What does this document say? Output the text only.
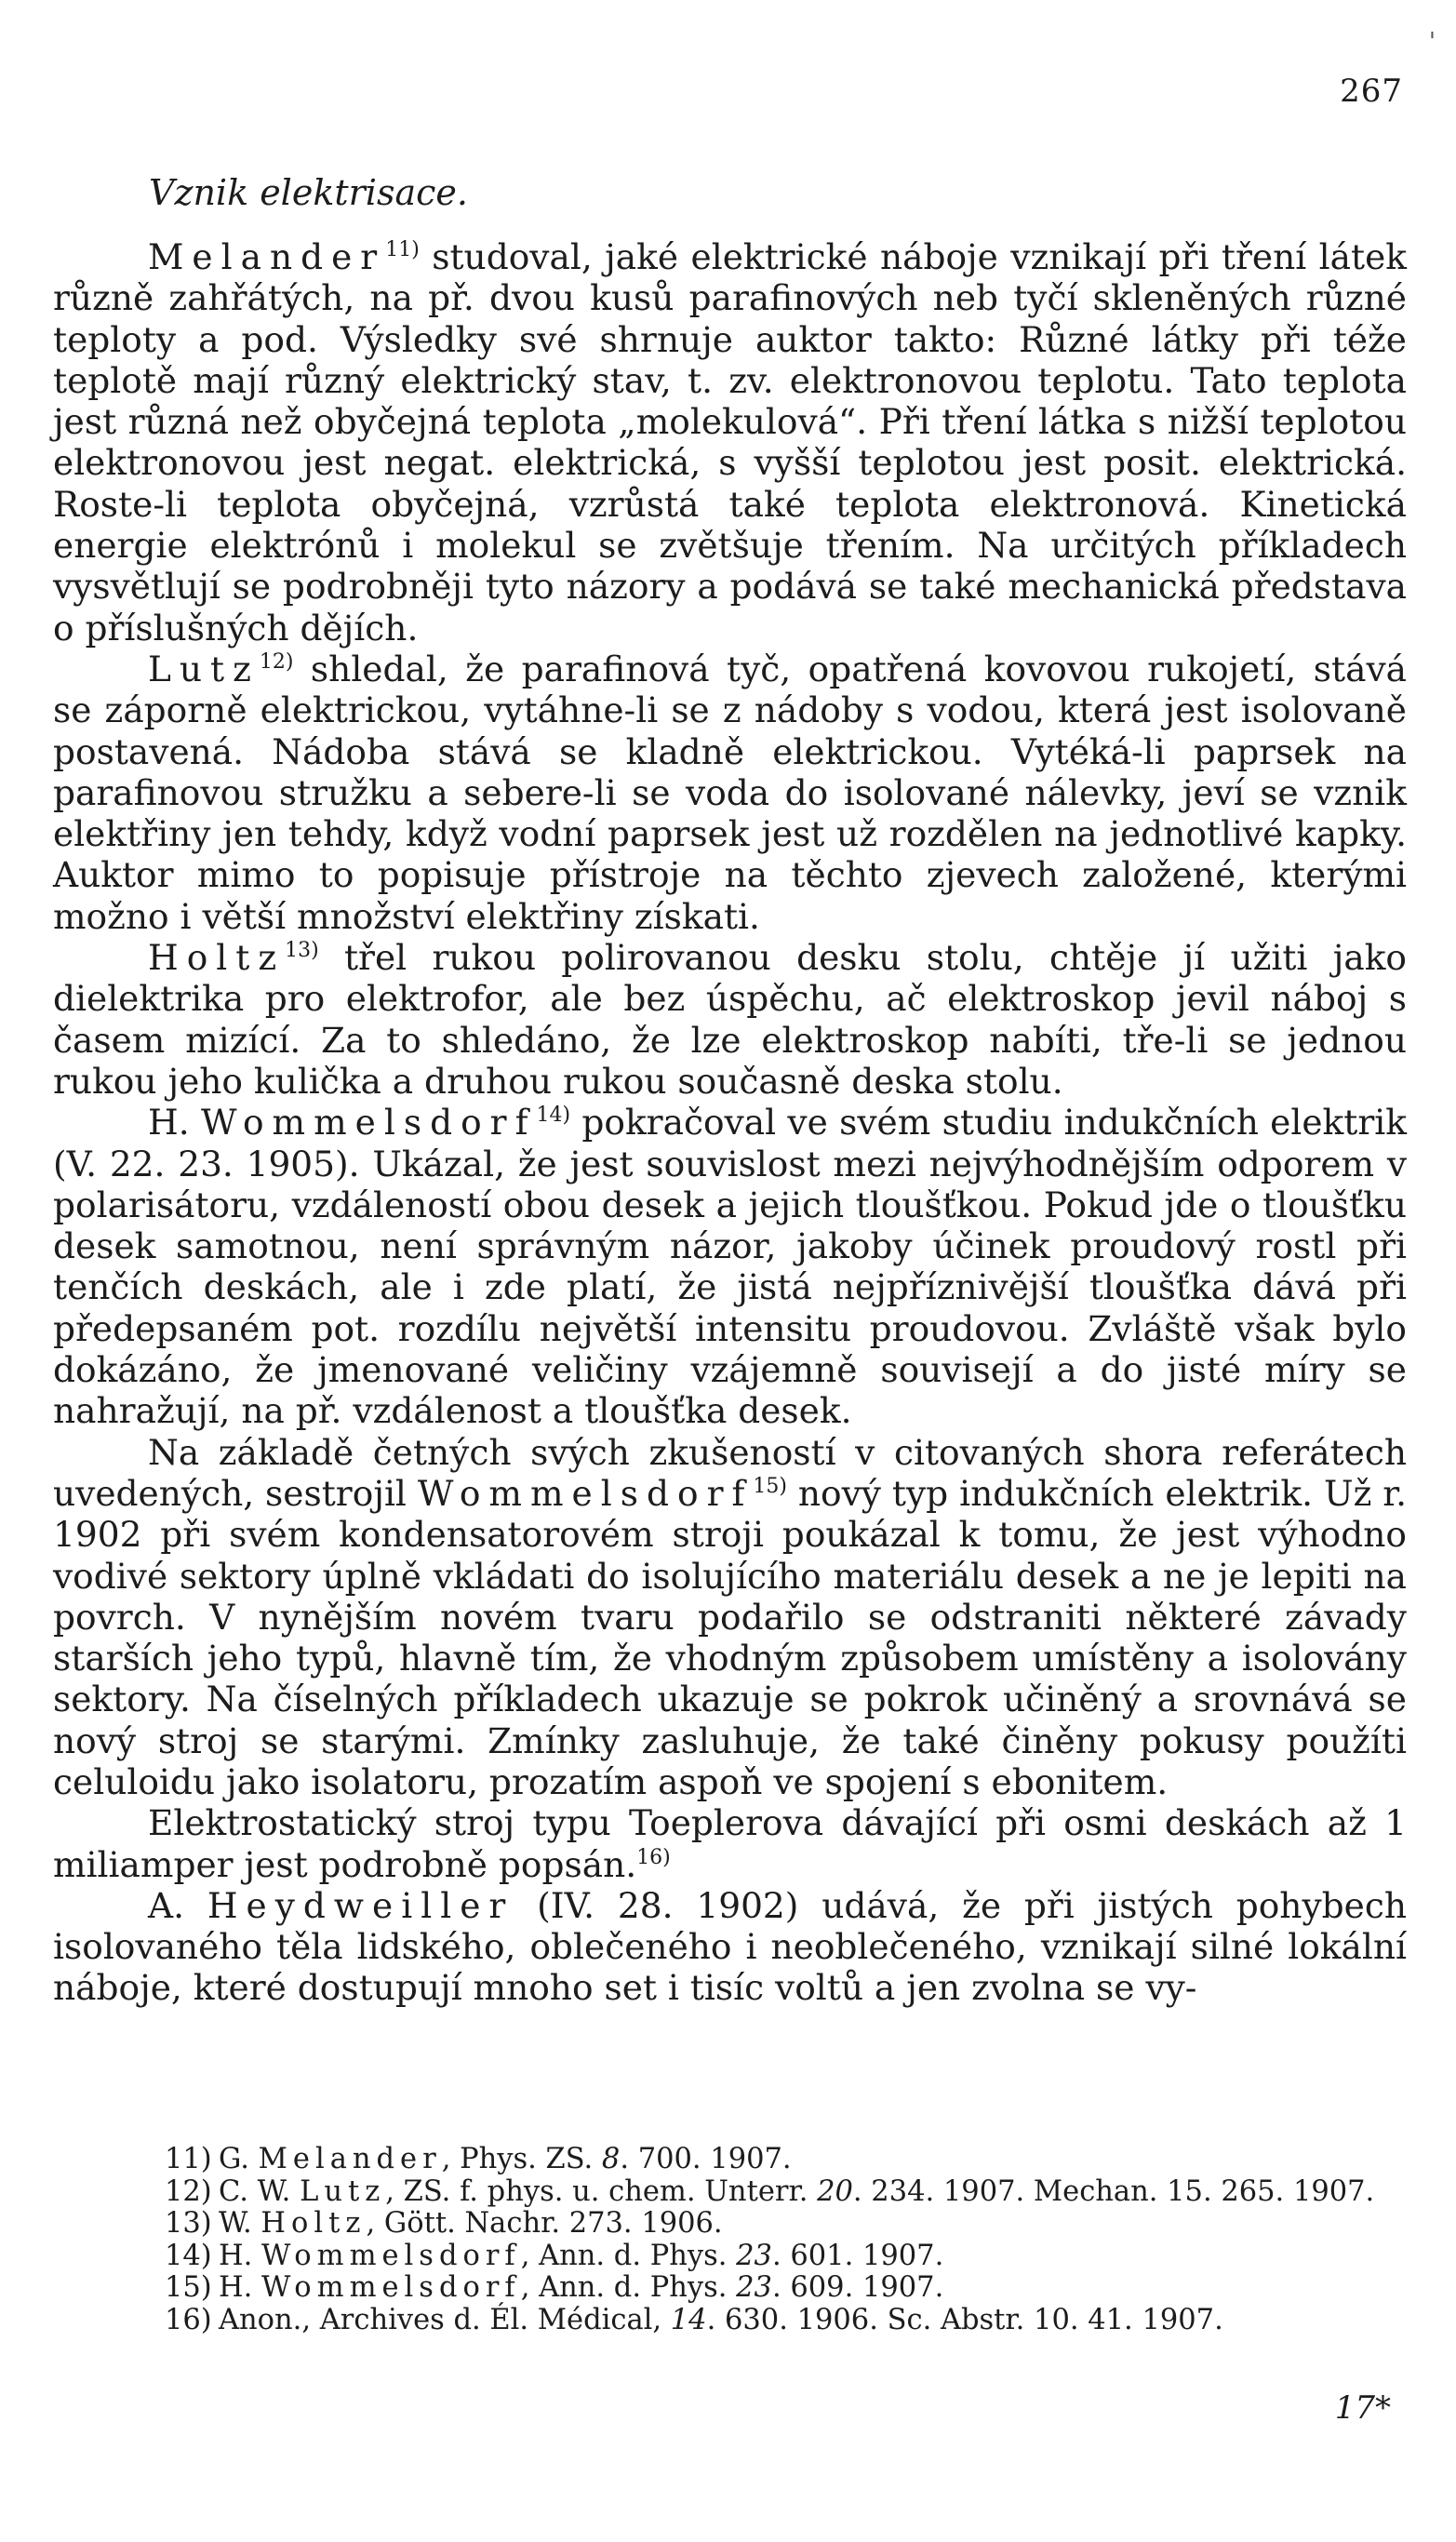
'
267
Vznik elektrisace.

Melander$^{11)}$ studoval, jaké elektrické náboje vznikají při tření látek různě zahřátých, na př. dvou kusů parafinových neb tyčí skleněných různé teploty a pod. Výsledky své shrnuje auktor takto: Různé látky při téže teplotě mají různý elektrický stav, t. zv. elektronovou teplotu. Tato teplota jest různá než obyčejná teplota „molekulová“. Při tření látka s nižší teplotou elektronovou jest negat. elektrická, s vyšší teplotou jest posit. elektrická. Roste-li teplota obyčejná, vzrůstá také teplota elektronová. Kinetická energie elektrónů i molekul se zvětšuje třením. Na určitých příkladech vysvětlují se podrobněji tyto názory a podává se také mechanická představa o příslušných dějích.

Lutz$^{12)}$ shledal, že parafinová tyč, opatřená kovovou rukojetí, stává se záporně elektrickou, vytáhne-li se z nádoby s vodou, která jest isolovaně postavená. Nádoba stává se kladně elektrickou. Vytéká-li paprsek na parafinovou stružku a sebere-li se voda do isolované nálevky, jeví se vznik elektřiny jen tehdy, když vodní paprsek jest už rozdělen na jednotlivé kapky. Auktor mimo to popisuje přístroje na těchto zjevech založené, kterými možno i větší množství elektřiny získati.

Holtz$^{13)}$ třel rukou polirovanou desku stolu, chtěje jí užiti jako dielektrika pro elektrofor, ale bez úspěchu, ač elektroskop jevil náboj s časem mizící. Za to shledáno, že lze elektroskop nabíti, tře-li se jednou rukou jeho kulička a druhou rukou současně deska stolu.

H. Wommelsdorf$^{14)}$ pokračoval ve svém studiu indukčních elektrik (V. 22. 23. 1905). Ukázal, že jest souvislost mezi nejvýhodnějším odporem v polarisátoru, vzdáleností obou desek a jejich tloušťkou. Pokud jde o tloušťku desek samotnou, není správným názor, jakoby účinek proudový rostl při tenčích deskách, ale i zde platí, že jistá nejpříznivější tloušťka dává při předepsaném pot. rozdílu největší intensitu proudovou. Zvláště však bylo dokázáno, že jmenované veličiny vzájemně souvisejí a do jisté míry se nahražují, na př. vzdálenost a tloušťka desek.

Na základě četných svých zkušeností v citovaných shora referátech uvedených, sestrojil Wommelsdorf$^{15)}$ nový typ indukčních elektrik. Už r. 1902 při svém kondensatorovém stroji poukázal k tomu, že jest výhodno vodivé sektory úplně vkládati do isolujícího materiálu desek a ne je lepiti na povrch. V nynějším novém tvaru podařilo se odstraniti některé závady starších jeho typů, hlavně tím, že vhodným způsobem umístěny a isolovány sektory. Na číselných příkladech ukazuje se pokrok učiněný a srovnává se nový stroj se starými. Zmínky zasluhuje, že také činěny pokusy použíti celuloidu jako isolatoru, prozatím aspoň ve spojení s ebonitem.

Elektrostatický stroj typu Toeplerova dávající při osmi deskách až 1 miliamper jest podrobně popsán.$^{16)}$

A. Heydweiller (IV. 28. 1902) udává, že při jistých pohybech isolovaného těla lidského, oblečeného i neoblečeného, vznikají silné lokální náboje, které dostupují mnoho set i tisíc voltů a jen zvolna se vy-

11) G. Melander, Phys. ZS. 8. 700. 1907.

12) C. W. Lutz, ZS. f. phys. u. chem. Unterr. 20. 234. 1907. Mechan. 15. 265. 1907.

13) W. Holtz, Gött. Nachr. 273. 1906.

14) H. Wommelsdorf, Ann. d. Phys. 23. 601. 1907.

15) H. Wommelsdorf, Ann. d. Phys. 23. 609. 1907.

16) Anon., Archives d. Él. Médical, 14. 630. 1906. Sc. Abstr. 10. 41. 1907.

17*
